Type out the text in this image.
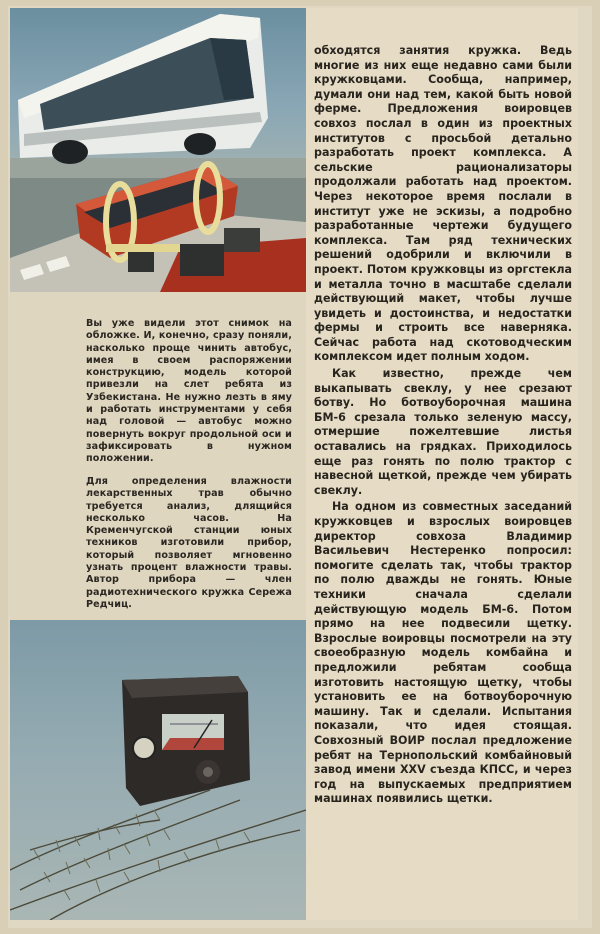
Вы уже видели этот снимок на обложке. И, конечно, сразу поняли, насколько проще чинить автобус, имея в своем распоряжении конструкцию, модель которой привезли на слет ребята из Узбекистана. Не нужно лезть в яму и работать инструментами у себя над головой — автобус можно повернуть вокруг продольной оси и зафиксировать в нужном положении.
Для определения влажности лекарственных трав обычно требуется анализ, длящийся несколько часов. На Кременчугской станции юных техников изготовили прибор, который позволяет мгновенно узнать процент влажности травы. Автор прибора — член радиотехнического кружка Сережа Редчиц.

обходятся занятия кружка. Ведь многие из них еще недавно сами были кружковцами. Сообща, например, думали они над тем, какой быть новой ферме. Предложения воировцев совхоз послал в один из проектных институтов с просьбой детально разработать проект комплекса. А сельские рационализаторы продолжали работать над проектом. Через некоторое время послали в институт уже не эскизы, а подробно разработанные чертежи будущего комплекса. Там ряд технических решений одобрили и включили в проект. Потом кружковцы из оргстекла и металла точно в масштабе сделали действующий макет, чтобы лучше увидеть и достоинства, и недостатки фермы и строить все наверняка. Сейчас работа над скотоводческим комплексом идет полным ходом.

Как известно, прежде чем выкапывать свеклу, у нее срезают ботву. Но ботвоуборочная машина БМ-6 срезала только зеленую массу, отмершие пожелтевшие листья оставались на грядках. Приходилось еще раз гонять по полю трактор с навесной щеткой, прежде чем убирать свеклу.

На одном из совместных заседаний кружковцев и взрослых воировцев директор совхоза Владимир Васильевич Нестеренко попросил: помогите сделать так, чтобы трактор по полю дважды не гонять. Юные техники сначала сделали действующую модель БМ-6. Потом прямо на нее подвесили щетку. Взрослые воировцы посмотрели на эту своеобразную модель комбайна и предложили ребятам сообща изготовить настоящую щетку, чтобы установить ее на ботвоуборочную машину. Так и сделали. Испытания показали, что идея стоящая. Совхозный ВОИР послал предложение ребят на Тернопольский комбайновый завод имени XXV съезда КПСС, и через год на выпускаемых предприятием машинах появились щетки.
